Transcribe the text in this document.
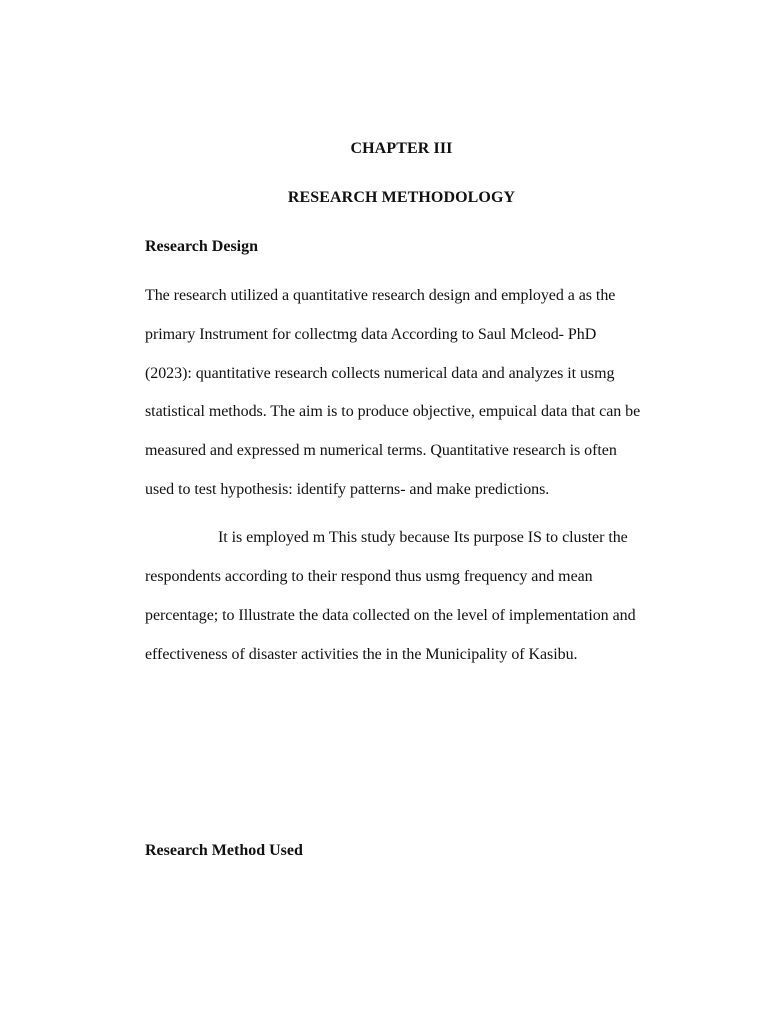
CHAPTER III
RESEARCH METHODOLOGY
Research Design

The research utilized a quantitative research design and employed a as the

primary Instrument for collectmg data According to Saul Mcleod- PhD

(2023): quantitative research collects numerical data and analyzes it usmg

statistical methods. The aim is to produce objective, empuical data that can be

measured and expressed m numerical terms. Quantitative research is often

used to test hypothesis: identify patterns- and make predictions.

It is employed m This study because Its purpose IS to cluster the

respondents according to their respond thus usmg frequency and mean

percentage; to Illustrate the data collected on the level of implementation and

effectiveness of disaster activities the in the Municipality of Kasibu.

Research Method Used
